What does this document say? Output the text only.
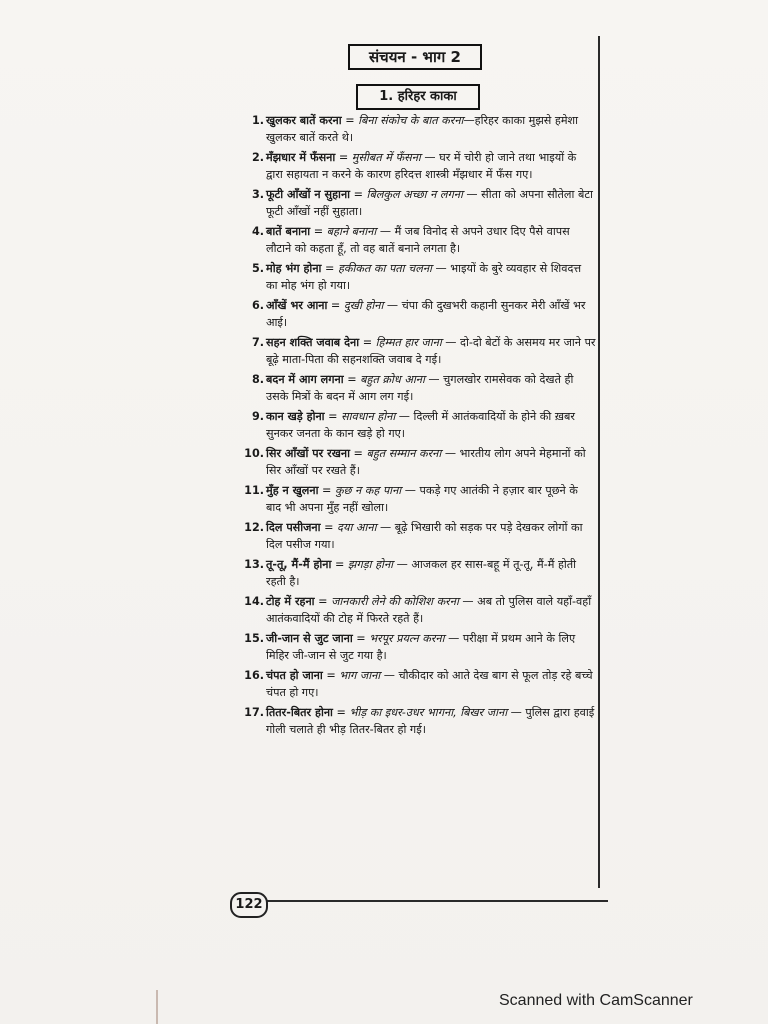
संचयन - भाग 2
1. हरिहर काका
1. खुलकर बातें करना = बिना संकोच के बात करना—हरिहर काका मुझसे हमेशा खुलकर बातें करते थे।
2. मँझधार में फँसना = मुसीबत में फँसना — घर में चोरी हो जाने तथा भाइयों के द्वारा सहायता न करने के कारण हरिदत्त शास्त्री मँझधार में फँस गए।
3. फूटी आँखों न सुहाना = बिलकुल अच्छा न लगना — सीता को अपना सौतेला बेटा फूटी आँखों नहीं सुहाता।
4. बातें बनाना = बहाने बनाना — मैं जब विनोद से अपने उधार दिए पैसे वापस लौटाने को कहता हूँ, तो वह बातें बनाने लगता है।
5. मोह भंग होना = हकीकत का पता चलना — भाइयों के बुरे व्यवहार से शिवदत्त का मोह भंग हो गया।
6. आँखें भर आना = दुखी होना — चंपा की दुखभरी कहानी सुनकर मेरी आँखें भर आई।
7. सहन शक्ति जवाब देना = हिम्मत हार जाना — दो-दो बेटों के असमय मर जाने पर बूढ़े माता-पिता की सहनशक्ति जवाब दे गई।
8. बदन में आग लगना = बहुत क्रोध आना — चुगलखोर रामसेवक को देखते ही उसके मित्रों के बदन में आग लग गई।
9. कान खड़े होना = सावधान होना — दिल्ली में आतंकवादियों के होने की ख़बर सुनकर जनता के कान खड़े हो गए।
10. सिर आँखों पर रखना = बहुत सम्मान करना — भारतीय लोग अपने मेहमानों को सिर आँखों पर रखते हैं।
11. मुँह न खुलना = कुछ न कह पाना — पकड़े गए आतंकी ने हज़ार बार पूछने के बाद भी अपना मुँह नहीं खोला।
12. दिल पसीजना = दया आना — बूढ़े भिखारी को सड़क पर पड़े देखकर लोगों का दिल पसीज गया।
13. तू-तू, मैं-मैं होना = झगड़ा होना — आजकल हर सास-बहू में तू-तू, मैं-मैं होती रहती है।
14. टोह में रहना = जानकारी लेने की कोशिश करना — अब तो पुलिस वाले यहाँ-वहाँ आतंकवादियों की टोह में फिरते रहते हैं।
15. जी-जान से जुट जाना = भरपूर प्रयत्न करना — परीक्षा में प्रथम आने के लिए मिहिर जी-जान से जुट गया है।
16. चंपत हो जाना = भाग जाना — चौकीदार को आते देख बाग से फूल तोड़ रहे बच्चे चंपत हो गए।
17. तितर-बितर होना = भीड़ का इधर-उधर भागना, बिखर जाना — पुलिस द्वारा हवाई गोली चलाते ही भीड़ तितर-बितर हो गई।
122
Scanned with CamScanner
